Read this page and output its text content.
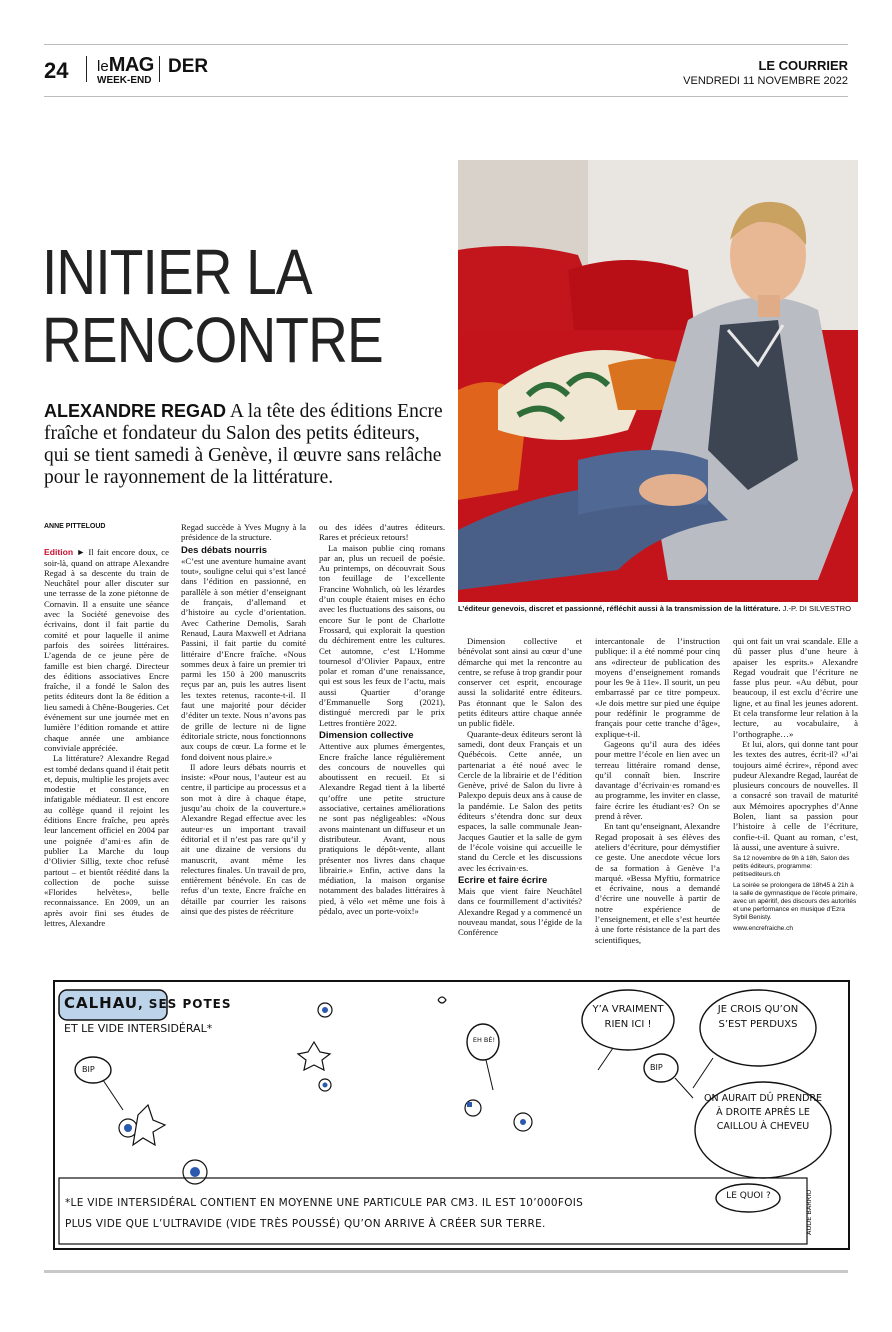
24 leMAG
WEEK-END
DER	LE COURRIER
VENDREDI 11 NOVEMBRE 2022
INITIER LA
RENCONTRE
ALEXANDRE REGAD A la tête des éditions Encre fraîche et fondateur du Salon des petits éditeurs, qui se tient samedi à Genève, il œuvre sans relâche pour le rayonnement de la littérature.
L’éditeur genevois, discret et passionné, réfléchit aussi à la transmission de la littérature. J.-P. DI SILVESTRO
ANNE PITTELOUD

Edition ► Il fait encore doux, ce soir-là, quand on attrape Alexandre Regad à sa descente du train de Neuchâtel pour aller discuter sur une terrasse de la zone piétonne de Cornavin. Il a ensuite une séance avec la Société genevoise des écrivains, dont il fait partie du comité et pour laquelle il anime parfois des soirées littéraires. L’agenda de ce jeune père de famille est bien chargé. Directeur des éditions associatives Encre fraîche, il a fondé le Salon des petits éditeurs dont la 8e édition a lieu samedi à Chêne-Bougeries. Cet événement sur une journée met en lumière l’édition romande et attire chaque année une ambiance conviviale appréciée.

La littérature? Alexandre Regad est tombé dedans quand il était petit et, depuis, multiplie les projets avec modestie et constance, en infatigable médiateur. Il est encore au collège quand il rejoint les éditions Encre fraîche, peu après leur lancement officiel en 2004 par une poignée d’ami·es afin de publier La Marche du loup d’Olivier Sillig, texte choc refusé partout – et bientôt réédité dans la collection de poche suisse «Florides helvètes», belle reconnaissance. En 2009, un an après avoir fini ses études de lettres, Alexandre

Regad succède à Yves Mugny à la présidence de la structure.

Des débats nourris

«C’est une aventure humaine avant tout», souligne celui qui s’est lancé dans l’édition en passionné, en parallèle à son métier d’enseignant de français, d’allemand et d’histoire au cycle d’orientation. Avec Catherine Demolis, Sarah Renaud, Laura Maxwell et Adriana Passini, il fait partie du comité littéraire d’Encre fraîche. «Nous sommes deux à faire un premier tri parmi les 150 à 200 manuscrits reçus par an, puis les autres lisent les textes retenus, raconte-t-il. Il faut une majorité pour décider d’éditer un texte. Nous n’avons pas de grille de lecture ni de ligne éditoriale stricte, nous fonctionnons aux coups de cœur. La forme et le fond doivent nous plaire.»

Il adore leurs débats nourris et insiste: «Pour nous, l’auteur est au centre, il participe au processus et a son mot à dire à chaque étape, jusqu’au choix de la couverture.» Alexandre Regad effectue avec les auteur·es un important travail éditorial et il n’est pas rare qu’il y ait une dizaine de versions du manuscrit, avant même les relectures finales. Un travail de pro, entièrement bénévole. En cas de refus d’un texte, Encre fraîche en détaille par courrier les raisons ainsi que des pistes de réécriture

ou des idées d’autres éditeurs. Rares et précieux retours!

La maison publie cinq romans par an, plus un recueil de poésie. Au printemps, on découvrait Sous ton feuillage de l’excellente Francine Wohnlich, où les lézardes d’un couple étaient mises en écho avec les fluctuations des saisons, ou encore Sur le pont de Charlotte Frossard, qui explorait la question du déchirement entre les cultures. Cet automne, c’est L’Homme tournesol d’Olivier Papaux, entre polar et roman d’une renaissance, qui est sous les feux de l’actu, mais aussi Quartier d’orange d’Emmanuelle Sorg (2021), distingué mercredi par le prix Lettres frontière 2022.

Dimension collective

Attentive aux plumes émergentes, Encre fraîche lance régulièrement des concours de nouvelles qui aboutissent en recueil. Et si Alexandre Regad tient à la liberté qu’offre une petite structure associative, certaines améliorations ne sont pas négligeables: «Nous avons maintenant un diffuseur et un distributeur. Avant, nous pratiquions le dépôt-vente, allant présenter nos livres dans chaque librairie.» Enfin, active dans la médiation, la maison organise notamment des balades littéraires à pied, à vélo «et même une fois à pédalo, avec un porte-voix!»

Dimension collective et bénévolat sont ainsi au cœur d’une démarche qui met la rencontre au centre, se refuse à trop grandir pour conserver cet esprit, encourage aussi la solidarité entre éditeurs. Pas étonnant que le Salon des petits éditeurs attire chaque année un public fidèle.

Quarante-deux éditeurs seront là samedi, dont deux Français et un Québécois. Cette année, un partenariat a été noué avec le Cercle de la librairie et de l’édition Genève, privé de Salon du livre à Palexpo depuis deux ans à cause de la pandémie. Le Salon des petits éditeurs s’étendra donc sur deux espaces, la salle communale Jean-Jacques Gautier et la salle de gym de l’école voisine qui accueille le stand du Cercle et les discussions avec les écrivain·es.

Ecrire et faire écrire

Mais que vient faire Neuchâtel dans ce fourmillement d’activités? Alexandre Regad y a commencé un nouveau mandat, sous l’égide de la Conférence

intercantonale de l’instruction publique: il a été nommé pour cinq ans «directeur de publication des moyens d’enseignement romands pour les 9e à 11e». Il sourit, un peu embarrassé par ce titre pompeux. «Je dois mettre sur pied une équipe pour redéfinir le programme de français pour cette tranche d’âge», explique-t-il.

Gageons qu’il aura des idées pour mettre l’école en lien avec un terreau littéraire romand dense, qu’il connaît bien. Inscrire davantage d’écrivain·es romand·es au programme, les inviter en classe, faire écrire les étudiant·es? On se prend à rêver.

En tant qu’enseignant, Alexandre Regad proposait à ses élèves des ateliers d’écriture, pour démystifier ce geste. Une anecdote vécue lors de sa formation à Genève l’a marqué. «Bessa Myftiu, formatrice et écrivaine, nous a demandé d’écrire une nouvelle à partir de notre expérience de l’enseignement, et elle s’est heurtée à une forte résistance de la part des scientifiques,

qui ont fait un vrai scandale. Elle a dû passer plus d’une heure à apaiser les esprits.» Alexandre Regad voudrait que l’écriture ne fasse plus peur. «Au début, pour beaucoup, il est exclu d’écrire une ligne, et au final les jeunes adorent. Et cela transforme leur relation à la lecture, au vocabulaire, à l’orthographe…»

Et lui, alors, qui donne tant pour les textes des autres, écrit-il? «J’ai toujours aimé écrire», répond avec pudeur Alexandre Regad, lauréat de plusieurs concours de nouvelles. Il a consacré son travail de maturité aux Mémoires apocryphes d’Anne Bolen, liant sa passion pour l’histoire à celle de l’écriture, confie-t-il. Quant au roman, c’est, là aussi, une aventure à suivre.

Sa 12 novembre de 9h à 18h, Salon des petits éditeurs, programme: petitsediteurs.ch
La soirée se prolongera de 18h45 à 21h à la salle de gymnastique de l’école primaire, avec un apéritif, des discours des autorités et une performance en musique d’Ezra Sybil Benisty.
www.encrefraiche.ch
CALHAU, SES POTES
ET LE VIDE INTERSIDÉRAL*
BIP
EH BÉ!
Y’A VRAIMENT RIEN ICI !
BIP
JE CROIS QU’ON S’EST PERDUXS
ON AURAIT DÛ PRENDRE À DROITE APRÈS LE CAILLOU À CHEVEU
LE QUOI ?
*LE VIDE INTERSIDÉRAL CONTIENT EN MOYENNE UNE PARTICULE PAR CM3. IL EST 10’000FOIS
PLUS VIDE QUE L’ULTRAVIDE (VIDE TRÈS POUSSÉ) QU’ON ARRIVE À CRÉER SUR TERRE.	AUDE BARRIO
